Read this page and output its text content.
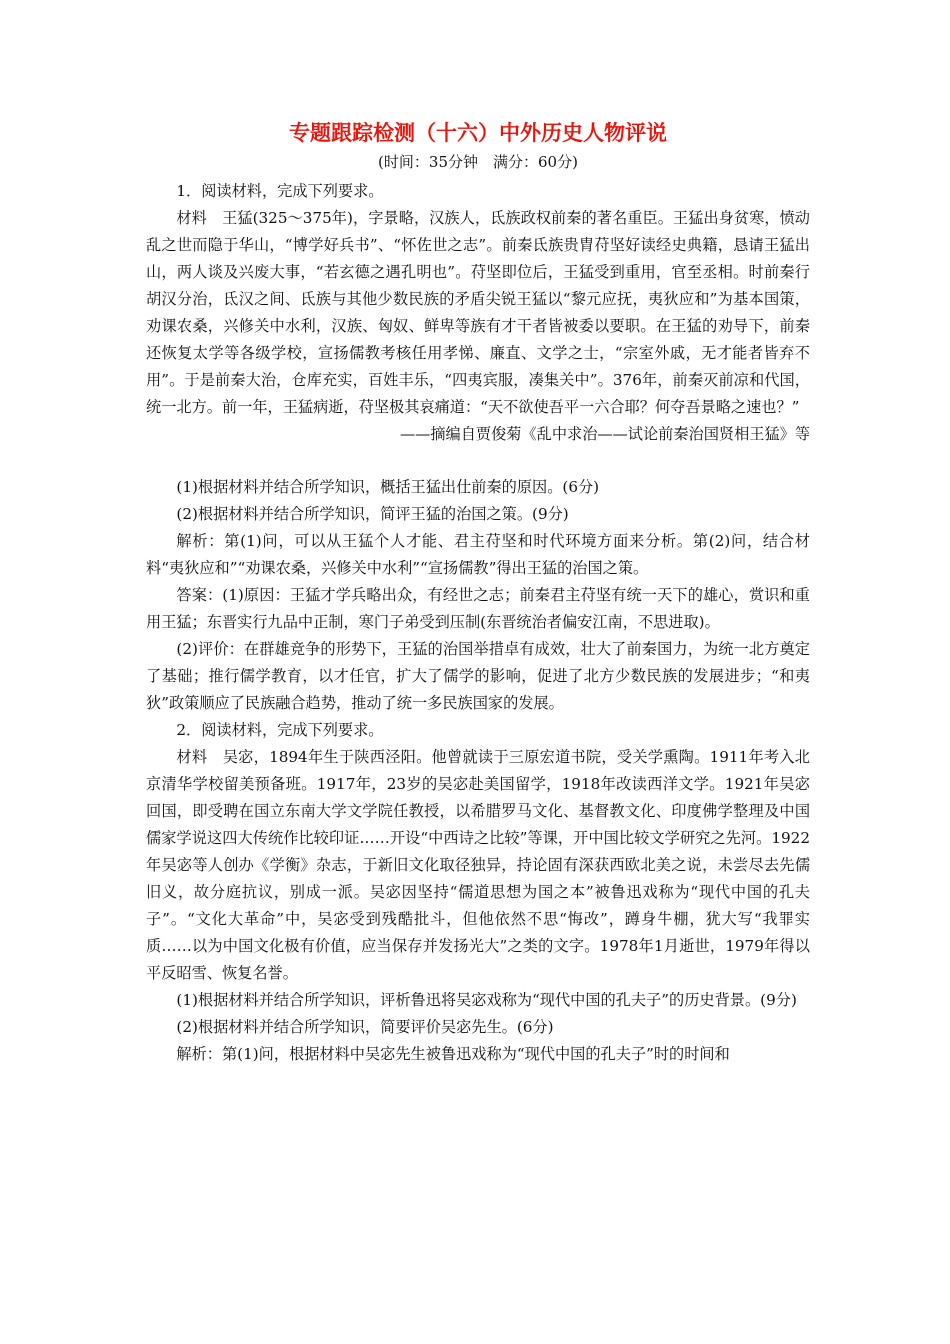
专题跟踪检测（十六）中外历史人物评说
(时间：35分钟　满分：60分)

1．阅读材料，完成下列要求。

材料　王猛(325～375年)，字景略，汉族人，氐族政权前秦的著名重臣。王猛出身贫寒，愤动乱之世而隐于华山，“博学好兵书”、“怀佐世之志”。前秦氐族贵胄苻坚好读经史典籍，恳请王猛出山，两人谈及兴废大事，“若玄德之遇孔明也”。苻坚即位后，王猛受到重用，官至丞相。时前秦行胡汉分治，氐汉之间、氐族与其他少数民族的矛盾尖锐王猛以“黎元应抚，夷狄应和”为基本国策，劝课农桑，兴修关中水利，汉族、匈奴、鲜卑等族有才干者皆被委以要职。在王猛的劝导下，前秦还恢复太学等各级学校，宣扬儒教考核任用孝悌、廉直、文学之士，“宗室外戚，无才能者皆弃不用”。于是前秦大治，仓库充实，百姓丰乐，“四夷宾服，凑集关中”。376年，前秦灭前凉和代国，统一北方。前一年，王猛病逝，苻坚极其哀痛道：“天不欲使吾平一六合耶？何夺吾景略之速也？”

——摘编自贾俊菊《乱中求治——试论前秦治国贤相王猛》等

(1)根据材料并结合所学知识，概括王猛出仕前秦的原因。(6分)

(2)根据材料并结合所学知识，简评王猛的治国之策。(9分)

解析：第(1)问，可以从王猛个人才能、君主苻坚和时代环境方面来分析。第(2)问，结合材料“夷狄应和”“劝课农桑，兴修关中水利”“宣扬儒教”得出王猛的治国之策。

答案：(1)原因：王猛才学兵略出众，有经世之志；前秦君主苻坚有统一天下的雄心，赏识和重用王猛；东晋实行九品中正制，寒门子弟受到压制(东晋统治者偏安江南，不思进取)。

(2)评价：在群雄竞争的形势下，王猛的治国举措卓有成效，壮大了前秦国力，为统一北方奠定了基础；推行儒学教育，以才任官，扩大了儒学的影响，促进了北方少数民族的发展进步；“和夷狄”政策顺应了民族融合趋势，推动了统一多民族国家的发展。

2．阅读材料，完成下列要求。

材料　吴宓，1894年生于陕西泾阳。他曾就读于三原宏道书院，受关学熏陶。1911年考入北京清华学校留美预备班。1917年，23岁的吴宓赴美国留学，1918年改读西洋文学。1921年吴宓回国，即受聘在国立东南大学文学院任教授，以希腊罗马文化、基督教文化、印度佛学整理及中国儒家学说这四大传统作比较印证……开设“中西诗之比较”等课，开中国比较文学研究之先河。1922年吴宓等人创办《学衡》杂志，于新旧文化取径独异，持论固有深获西欧北美之说，未尝尽去先儒旧义，故分庭抗议，别成一派。吴宓因坚持“儒道思想为国之本”被鲁迅戏称为“现代中国的孔夫子”。“文化大革命”中，吴宓受到残酷批斗，但他依然不思“悔改”，蹲身牛棚，犹大写“我罪实质……以为中国文化极有价值，应当保存并发扬光大”之类的文字。1978年1月逝世，1979年得以平反昭雪、恢复名誉。

(1)根据材料并结合所学知识，评析鲁迅将吴宓戏称为“现代中国的孔夫子”的历史背景。(9分)

(2)根据材料并结合所学知识，简要评价吴宓先生。(6分)

解析：第(1)问，根据材料中吴宓先生被鲁迅戏称为“现代中国的孔夫子”时的时间和
